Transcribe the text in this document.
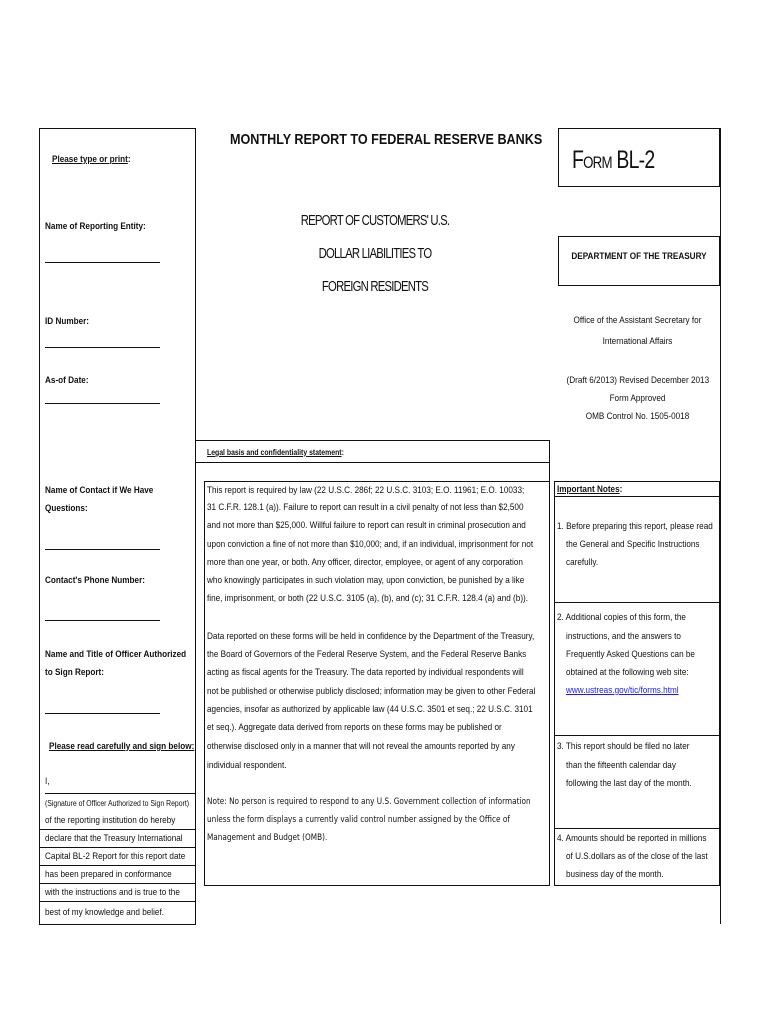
MONTHLY REPORT TO FEDERAL RESERVE BANKS
FORM BL-2
REPORT OF CUSTOMERS' U.S.
DOLLAR LIABILITIES TO
FOREIGN RESIDENTS
Please type or print:
Name of Reporting Entity:
ID Number:
As-of Date:
Name of Contact if We Have
Questions:
Contact's Phone Number:
Name and Title of Officer Authorized
to Sign Report:
Please read carefully and sign below:
I,
(Signature of Officer Authorized to Sign Report)
of the reporting institution do hereby
declare that the Treasury International
Capital BL-2 Report for this report date
has been prepared in conformance
with the instructions and is true to the
best of my knowledge and belief.
DEPARTMENT OF THE TREASURY
Office of the Assistant Secretary for
International Affairs
(Draft 6/2013) Revised December 2013
Form Approved
OMB Control No. 1505-0018
Legal basis and confidentiality statement:
This report is required by law (22 U.S.C. 286f; 22 U.S.C. 3103; E.O. 11961; E.O. 10033;
31 C.F.R. 128.1 (a)). Failure to report can result in a civil penalty of not less than $2,500
and not more than $25,000. Willful failure to report can result in criminal prosecution and
upon conviction a fine of not more than $10,000; and, if an individual, imprisonment for not
more than one year, or both. Any officer, director, employee, or agent of any corporation
who knowingly participates in such violation may, upon conviction, be punished by a like
fine, imprisonment, or both (22 U.S.C. 3105 (a), (b), and (c); 31 C.F.R. 128.4 (a) and (b)).
Data reported on these forms will be held in confidence by the Department of the Treasury,
the Board of Governors of the Federal Reserve System, and the Federal Reserve Banks
acting as fiscal agents for the Treasury. The data reported by individual respondents will
not be published or otherwise publicly disclosed; information may be given to other Federal
agencies, insofar as authorized by applicable law (44 U.S.C. 3501 et seq.; 22 U.S.C. 3101
et seq.). Aggregate data derived from reports on these forms may be published or
otherwise disclosed only in a manner that will not reveal the amounts reported by any
individual respondent.
Note: No person is required to respond to any U.S. Government collection of information
unless the form displays a currently valid control number assigned by the Office of
Management and Budget (OMB).
Important Notes:
1. Before preparing this report, please read
the General and Specific Instructions
carefully.
2. Additional copies of this form, the
instructions, and the answers to
Frequently Asked Questions can be
obtained at the following web site:
www.ustreas.gov/tic/forms.html
3. This report should be filed no later
than the fifteenth calendar day
following the last day of the month.
4. Amounts should be reported in millions
of U.S.dollars as of the close of the last
business day of the month.
